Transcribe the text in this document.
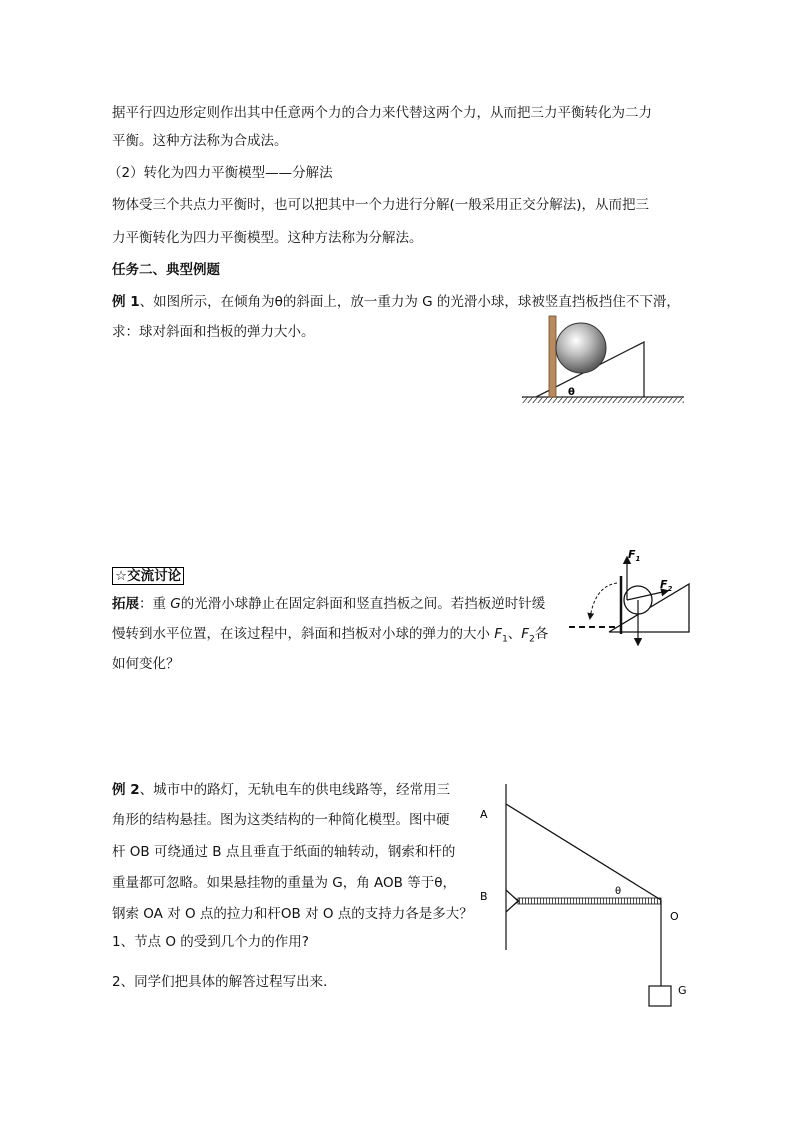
据平行四边形定则作出其中任意两个力的合力来代替这两个力，从而把三力平衡转化为二力
平衡。这种方法称为合成法。
（2）转化为四力平衡模型——分解法
物体受三个共点力平衡时，也可以把其中一个力进行分解(一般采用正交分解法)，从而把三
力平衡转化为四力平衡模型。这种方法称为分解法。
任务二、典型例题
例 1、如图所示，在倾角为θ的斜面上，放一重力为 G 的光滑小球，球被竖直挡板挡住不下滑，
求：球对斜面和挡板的弹力大小。
θ
☆交流讨论
拓展：重 G的光滑小球静止在固定斜面和竖直挡板之间。若挡板逆时针缓
慢转到水平位置，在该过程中，斜面和挡板对小球的弹力的大小 $F_1$、$F_2$各
如何变化？
$F_1$
$F_2$
例 2、城市中的路灯，无轨电车的供电线路等，经常用三
角形的结构悬挂。图为这类结构的一种简化模型。图中硬
杆 OB 可绕通过 B 点且垂直于纸面的轴转动，钢索和杆的
重量都可忽略。如果悬挂物的重量为 G，角 AOB 等于θ，
钢索 OA 对 O 点的拉力和杆OB 对 O 点的支持力各是多大？
1、节点 O 的受到几个力的作用?
2、同学们把具体的解答过程写出来．
A
B
O
G
θ
